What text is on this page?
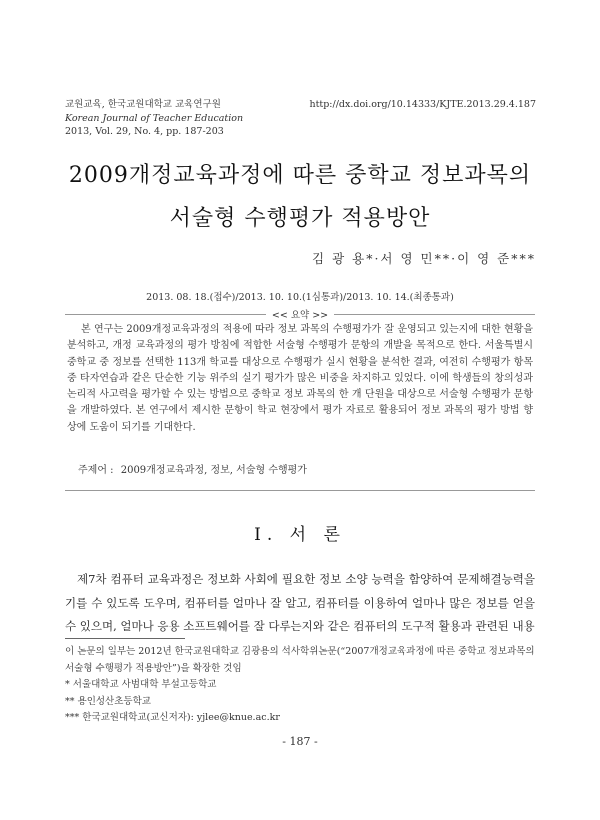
교원교육, 한국교원대학교 교육연구원
Korean Journal of Teacher Education
2013, Vol. 29, No. 4, pp. 187-203
http://dx.doi.org/10.14333/KJTE.2013.29.4.187
2009개정교육과정에 따른 중학교 정보과목의
서술형 수행평가 적용방안
김 광 용*·서 영 민**·이 영 준***
2013. 08. 18.(접수)/2013. 10. 10.(1심통과)/2013. 10. 14.(최종통과)
<< 요약 >>

본 연구는 2009개정교육과정의 적용에 따라 정보 과목의 수행평가가 잘 운영되고 있는지에 대한 현황을 분석하고, 개정 교육과정의 평가 방침에 적합한 서술형 수행평가 문항의 개발을 목적으로 한다. 서울특별시 중학교 중 정보를 선택한 113개 학교를 대상으로 수행평가 실시 현황을 분석한 결과, 여전히 수행평가 항목 중 타자연습과 같은 단순한 기능 위주의 실기 평가가 많은 비중을 차지하고 있었다. 이에 학생들의 창의성과 논리적 사고력을 평가할 수 있는 방법으로 중학교 정보 과목의 한 개 단원을 대상으로 서술형 수행평가 문항을 개발하였다. 본 연구에서 제시한 문항이 학교 현장에서 평가 자료로 활용되어 정보 과목의 평가 방법 향상에 도움이 되기를 기대한다.

주제어 : 2009개정교육과정, 정보, 서술형 수행평가
I. 서 론

제7차 컴퓨터 교육과정은 정보화 사회에 필요한 정보 소양 능력을 함양하여 문제해결능력을 기를 수 있도록 도우며, 컴퓨터를 얼마나 잘 알고, 컴퓨터를 이용하여 얼마나 많은 정보를 얻을 수 있으며, 얼마나 응용 소프트웨어를 잘 다루는지와 같은 컴퓨터의 도구적 활용과 관련된 내용

이 논문의 일부는 2012년 한국교원대학교 김광용의 석사학위논문(“2007개정교육과정에 따른 중학교 정보과목의 서술형 수행평가 적용방안”)을 확장한 것임
* 서울대학교 사범대학 부설고등학교
** 용인성산초등학교
*** 한국교원대학교(교신저자): yjlee@knue.ac.kr
- 187 -
